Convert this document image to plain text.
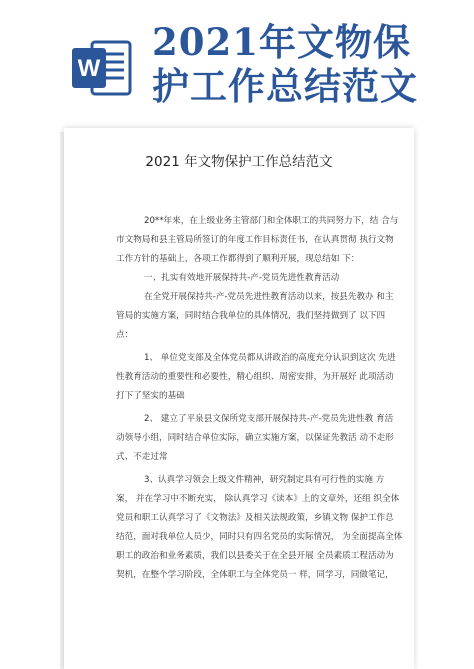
W
2021年文物保
护工作总结范文
2021 年文物保护工作总结范文
20**年来，在上级业务主管部门和全体职工的共同努力下，结 合与
市文物局和县主管局所签订的年度工作目标责任书，在认真贯彻 执行文物
工作方针的基础上，各项工作都得到了顺利开展，现总结如 下：
一、扎实有效地开展保持共-产-党员先进性教育活动
在全党开展保持共-产-党员先进性教育活动以来，按县先教办 和主
管局的实施方案，同时结合我单位的具体情况，我们坚持做到了 以下四
点：
1、 单位党支部及全体党员都从讲政治的高度充分认识到这次 先进
性教育活动的重要性和必要性，精心组织、周密安排，为开展好 此项活动
打下了坚实的基础
2、 建立了平泉县文保所党支部开展保持共-产-党员先进性教 育活
动领导小组，同时结合单位实际，确立实施方案，以保证先教活 动不走形
式、不走过常
3、认真学习领会上级文件精神，研究制定具有可行性的实施 方
案， 并在学习中不断充实， 除认真学习《读本》上的文章外，还组 织全体
党员和职工认真学习了《文物法》及相关法规政策，乡镇文物 保护工作总
结范，面对我单位人员少，同时只有四名党员的实际情况， 为全面提高全体
职工的政治和业务素质，我们以县委关于在全县开展 全员素质工程活动为
契机，在整个学习阶段，全体职工与全体党员一 样，同学习，同做笔记，
